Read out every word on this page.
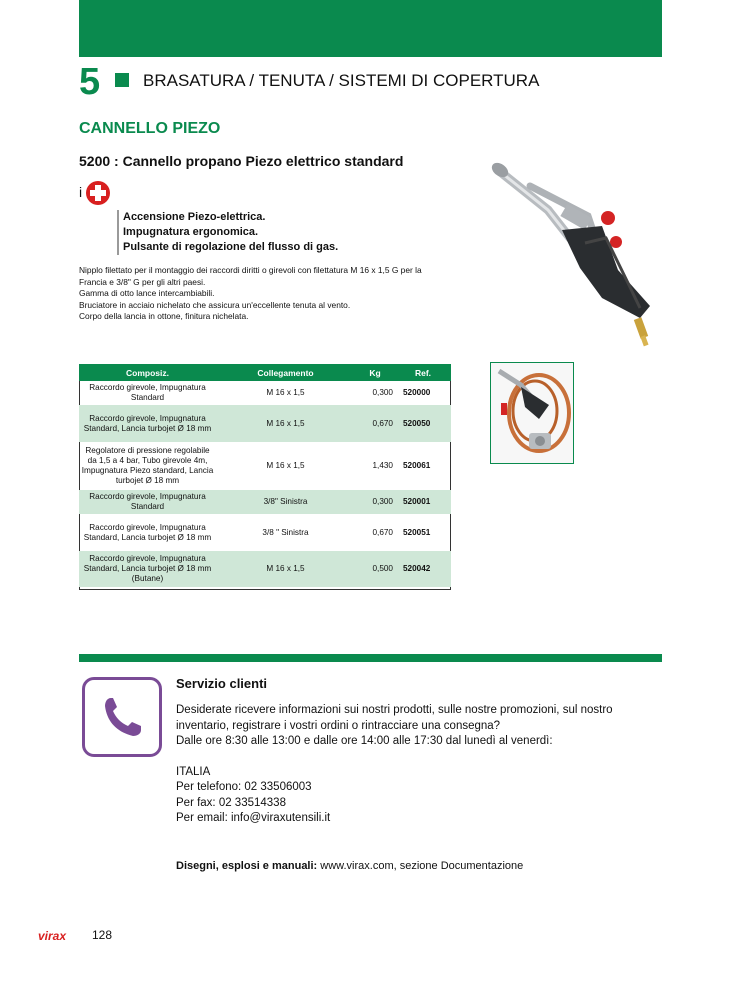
5	BRASATURA / TENUTA / SISTEMI DI COPERTURA
CANNELLO PIEZO
5200 : Cannello propano Piezo elettrico standard
i
Accensione Piezo-elettrica.
Impugnatura ergonomica.
Pulsante di regolazione del flusso di gas.
Nipplo filettato per il montaggio dei raccordi diritti o girevoli con filettatura M 16 x 1,5 G per la
Francia e 3/8" G per gli altri paesi.
Gamma di otto lance intercambiabili.
Bruciatore in acciaio nichelato che assicura un'eccellente tenuta al vento.
Corpo della lancia in ottone, finitura nichelata.
Composiz.	Collegamento	Kg	Ref.
Raccordo girevole, Impugnatura Standard	M 16 x 1,5	0,300	520000
Raccordo girevole, Impugnatura Standard, Lancia turbojet Ø 18 mm	M 16 x 1,5	0,670	520050
Regolatore di pressione regolabile da 1,5 a 4 bar, Tubo girevole 4m, Impugnatura Piezo standard, Lancia turbojet Ø 18 mm	M 16 x 1,5	1,430	520061
Raccordo girevole, Impugnatura Standard	3/8" Sinistra	0,300	520001
Raccordo girevole, Impugnatura Standard, Lancia turbojet Ø 18 mm	3/8 " Sinistra	0,670	520051
Raccordo girevole, Impugnatura Standard, Lancia turbojet Ø 18 mm (Butane)	M 16 x 1,5	0,500	520042
Servizio clienti
Desiderate ricevere informazioni sui nostri prodotti, sulle nostre promozioni, sul nostro
inventario, registrare i vostri ordini o rintracciare una consegna?
Dalle ore 8:30 alle 13:00 e dalle ore 14:00 alle 17:30 dal lunedì al venerdì:
ITALIA
Per telefono: 02 33506003
Per fax: 02 33514338
Per email: info@viraxutensili.it
Disegni, esplosi e manuali: www.virax.com, sezione Documentazione
virax 128
